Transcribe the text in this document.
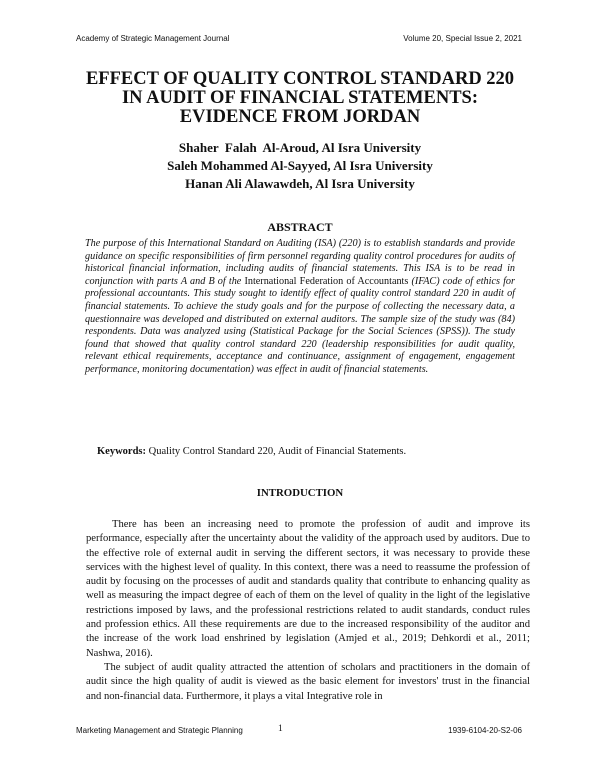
Academy of Strategic Management Journal	Volume 20, Special Issue 2, 2021
EFFECT OF QUALITY CONTROL STANDARD 220
IN AUDIT OF FINANCIAL STATEMENTS:
EVIDENCE FROM JORDAN
Shaher  Falah  Al-Aroud, Al Isra University
Saleh Mohammed Al-Sayyed, Al Isra University
Hanan Ali Alawawdeh, Al Isra University
ABSTRACT
The purpose of this International Standard on Auditing (ISA) (220) is to establish standards and provide guidance on specific responsibilities of firm personnel regarding quality control procedures for audits of historical financial information, including audits of financial statements. This ISA is to be read in conjunction with parts A and B of the International Federation of Accountants (IFAC) code of ethics for professional accountants. This study sought to identify effect of quality control standard 220 in audit of financial statements. To achieve the study goals and for the purpose of collecting the necessary data, a questionnaire was developed and distributed on external auditors. The sample size of the study was (84) respondents. Data was analyzed using (Statistical Package for the Social Sciences (SPSS)). The study found that showed that quality control standard 220 (leadership responsibilities for audit quality, relevant ethical requirements, acceptance and continuance, assignment of engagement, engagement performance, monitoring documentation) was effect in audit of financial statements.
Keywords: Quality Control Standard 220, Audit of Financial Statements.
INTRODUCTION

There has been an increasing need to promote the profession of audit and improve its performance, especially after the uncertainty about the validity of the approach used by auditors. Due to the effective role of external audit in serving the different sectors, it was necessary to provide these services with the highest level of quality. In this context, there was a need to reassume the profession of audit by focusing on the processes of audit and standards quality that contribute to enhancing quality as well as measuring the impact degree of each of them on the level of quality in the light of the legislative restrictions imposed by laws, and the professional restrictions related to audit standards, conduct rules and profession ethics. All these requirements are due to the increased responsibility of the auditor and the increase of the work load enshrined by legislation (Amjed et al., 2019; Dehkordi et al., 2011; Nashwa, 2016).

The subject of audit quality attracted the attention of scholars and practitioners in the domain of audit since the high quality of audit is viewed as the basic element for investors' trust in the financial and non-financial data. Furthermore, it plays a vital Integrative role in

Marketing Management and Strategic Planning	1	1939-6104-20-S2-06
